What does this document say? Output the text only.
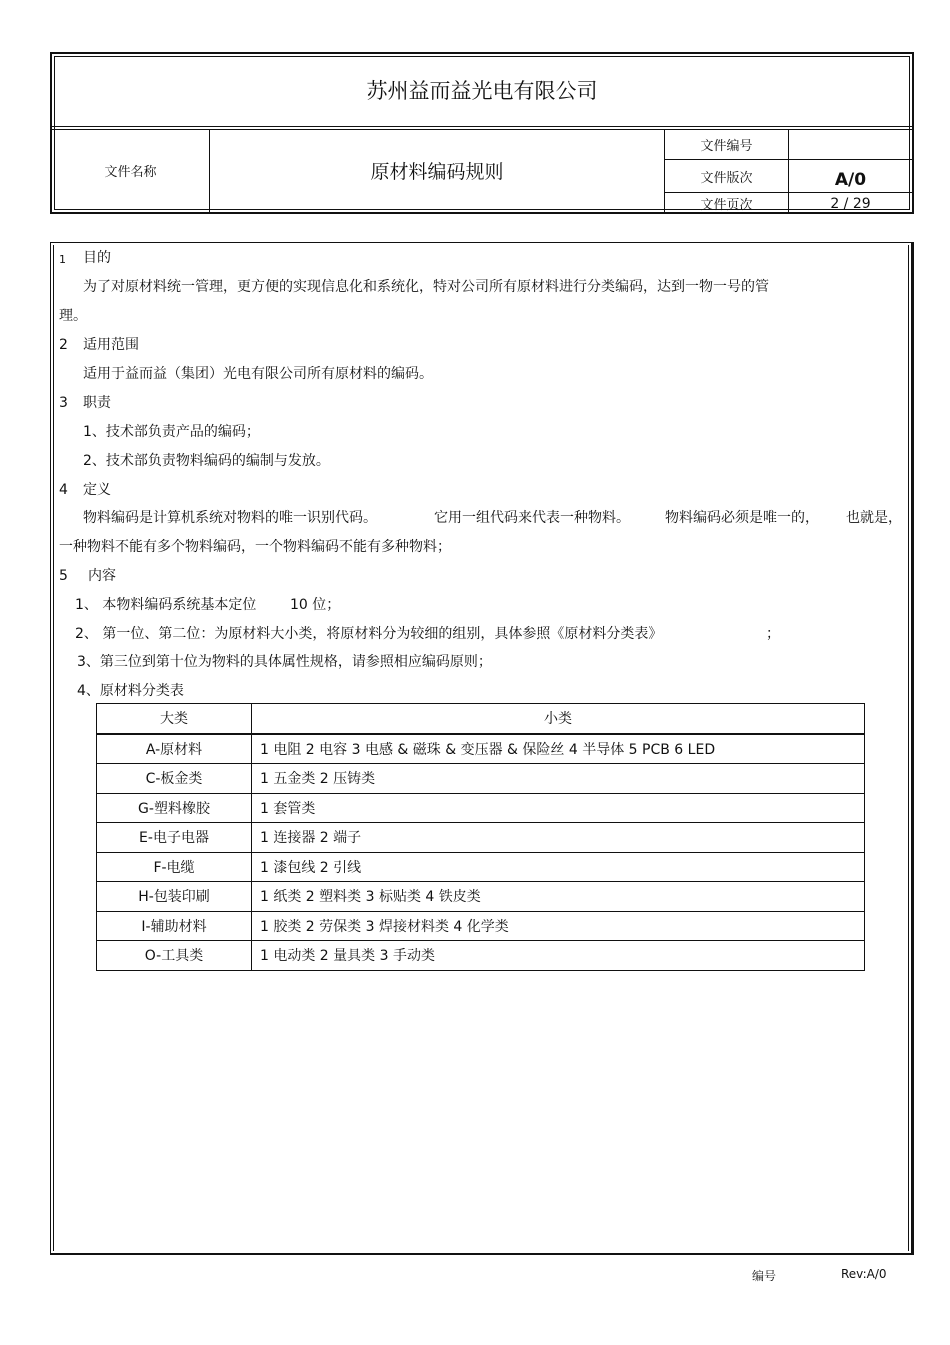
苏州益而益光电有限公司
文件名称	原材料编码规则
文件编号
文件版次	A/0
文件页次	2 / 29
1 目的
为了对原材料统一管理，更方便的实现信息化和系统化，特对公司所有原材料进行分类编码，达到一物一号的管
理。
2 适用范围
适用于益而益（集团）光电有限公司所有原材料的编码。
3 职责
1、技术部负责产品的编码；
2、技术部负责物料编码的编制与发放。
4 定义
物料编码是计算机系统对物料的唯一识别代码。	它用一组代码来代表一种物料。	物料编码必须是唯一的， 也就是，
一种物料不能有多个物料编码，一个物料编码不能有多种物料；
5 内容
1、 本物料编码系统基本定位 10 位；
2、 第一位、第二位：为原材料大小类，将原材料分为较细的组别，具体参照《原材料分类表》	；
3、第三位到第十位为物料的具体属性规格，请参照相应编码原则；
4、原材料分类表
大类	小类
A-原材料	1 电阻 2 电容 3 电感 & 磁珠 & 变压器 & 保险丝 4 半导体 5 PCB 6 LED
C-板金类	1 五金类 2 压铸类
G-塑料橡胶	1 套管类
E-电子电器	1 连接器 2 端子
F-电缆	1 漆包线 2 引线
H-包装印刷	1 纸类 2 塑料类 3 标贴类 4 铁皮类
I-辅助材料	1 胶类 2 劳保类 3 焊接材料类 4 化学类
O-工具类	1 电动类 2 量具类 3 手动类
编号	Rev:A/0
